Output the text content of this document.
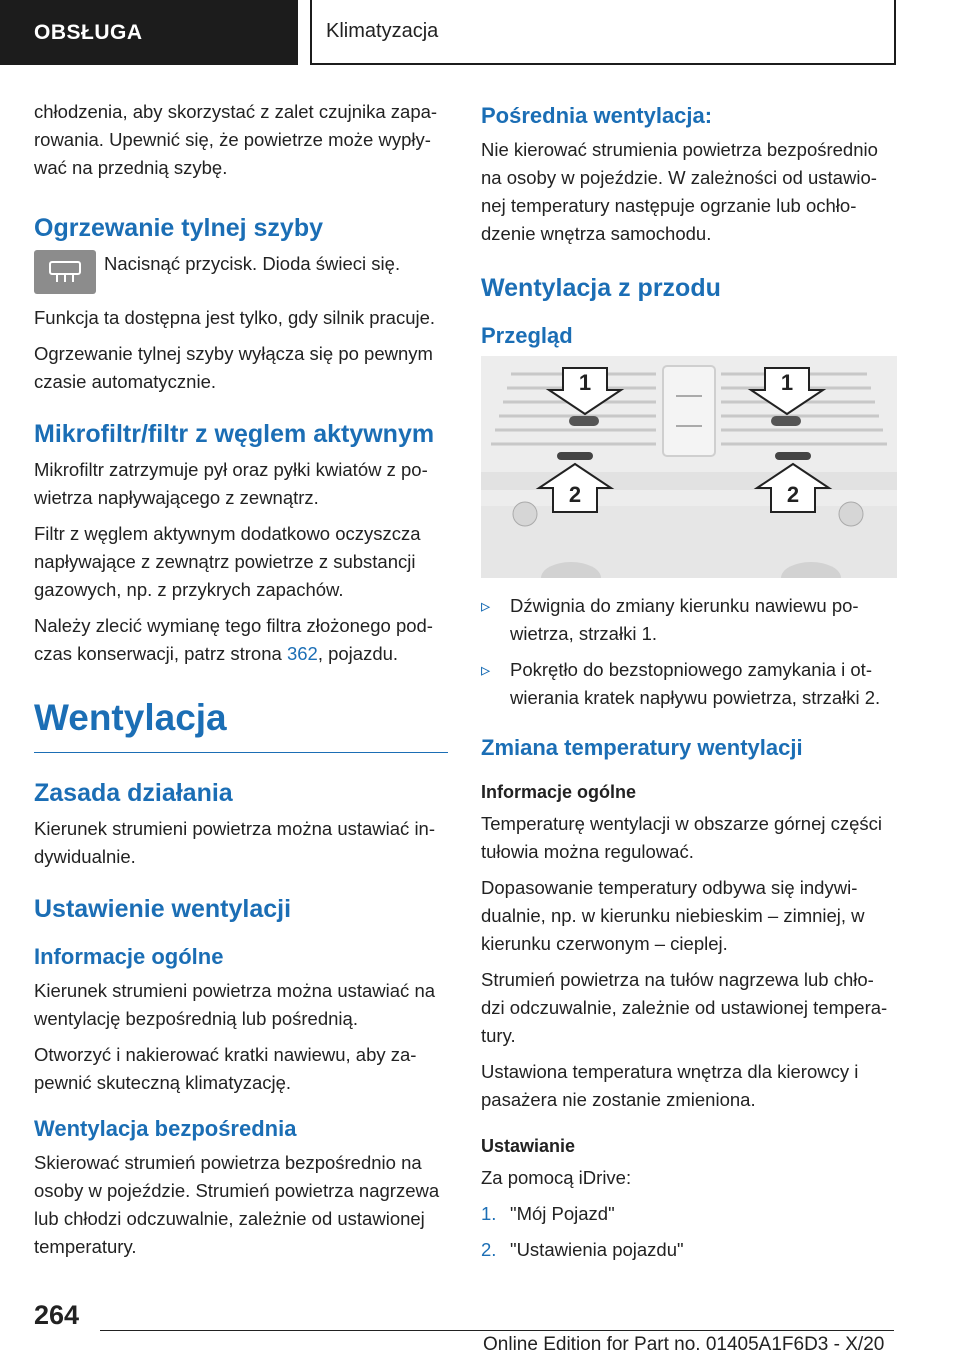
OBSŁUGA	Klimatyzacja

chłodzenia, aby skorzystać z zalet czujnika zapa-rowania. Upewnić się, że powietrze może wypły-wać na przednią szybę.

Ogrzewanie tylnej szyby

Nacisnąć przycisk. Dioda świeci się.

Funkcja ta dostępna jest tylko, gdy silnik pracuje.

Ogrzewanie tylnej szyby wyłącza się po pewnym czasie automatycznie.

Mikrofiltr/filtr z węglem aktywnym

Mikrofiltr zatrzymuje pył oraz pyłki kwiatów z po-wietrza napływającego z zewnątrz.

Filtr z węglem aktywnym dodatkowo oczyszcza napływające z zewnątrz powietrze z substancji gazowych, np. z przykrych zapachów.

Należy zlecić wymianę tego filtra złożonego pod-czas konserwacji, patrz strona 362, pojazdu.

Wentylacja
Zasada działania

Kierunek strumieni powietrza można ustawiać in-dywidualnie.

Ustawienie wentylacji
Informacje ogólne

Kierunek strumieni powietrza można ustawiać na wentylację bezpośrednią lub pośrednią.

Otworzyć i nakierować kratki nawiewu, aby za-pewnić skuteczną klimatyzację.

Wentylacja bezpośrednia

Skierować strumień powietrza bezpośrednio na osoby w pojeździe. Strumień powietrza nagrzewa lub chłodzi odczuwalnie, zależnie od ustawionej temperatury.

Pośrednia wentylacja:

Nie kierować strumienia powietrza bezpośrednio na osoby w pojeździe. W zależności od ustawio-nej temperatury następuje ogrzanie lub ochło-dzenie wnętrza samochodu.

Wentylacja z przodu
Przegląd
1	1
2	2
▹	Dźwignia do zmiany kierunku nawiewu po-wietrza, strzałki 1.
▹	Pokrętło do bezstopniowego zamykania i ot-wierania kratek napływu powietrza, strzałki 2.
Zmiana temperatury wentylacji
Informacje ogólne

Temperaturę wentylacji w obszarze górnej części tułowia można regulować.

Dopasowanie temperatury odbywa się indywi-dualnie, np. w kierunku niebieskim – zimniej, w kierunku czerwonym – cieplej.

Strumień powietrza na tułów nagrzewa lub chło-dzi odczuwalnie, zależnie od ustawionej tempera-tury.

Ustawiona temperatura wnętrza dla kierowcy i pasażera nie zostanie zmieniona.

Ustawianie

Za pomocą iDrive:

1. "Mój Pojazd"
2. "Ustawienia pojazdu"
264
Online Edition for Part no. 01405A1F6D3 - X/20
